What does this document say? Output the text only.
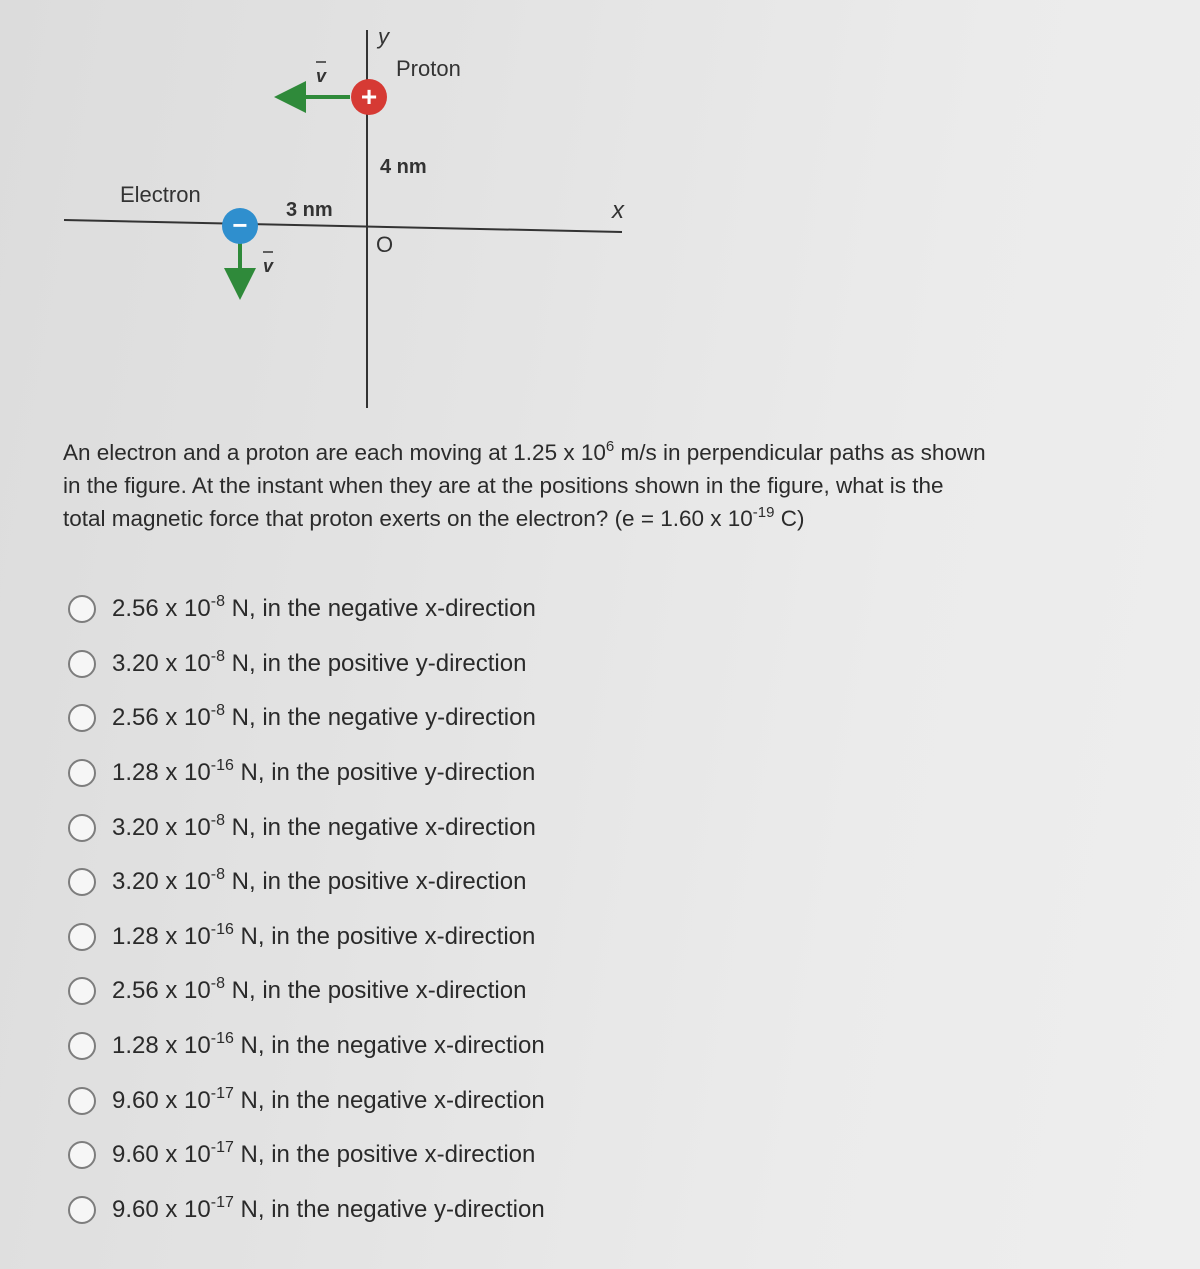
y
x
O
Proton
v
+
4 nm
Electron
3 nm
−
v

An electron and a proton are each moving at 1.25 x $10^6$ m/s in perpendicular paths as shown

in the figure. At the instant when they are at the positions shown in the figure, what is the

total magnetic force that proton exerts on the electron? (e = 1.60 x $10^{-19}$ C)

2.56 x $10^{-8}$ N, in the negative x-direction
3.20 x $10^{-8}$ N, in the positive y-direction
2.56 x $10^{-8}$ N, in the negative y-direction
1.28 x $10^{-16}$ N, in the positive y-direction
3.20 x $10^{-8}$ N, in the negative x-direction
3.20 x $10^{-8}$ N, in the positive x-direction
1.28 x $10^{-16}$ N, in the positive x-direction
2.56 x $10^{-8}$ N, in the positive x-direction
1.28 x $10^{-16}$ N, in the negative x-direction
9.60 x $10^{-17}$ N, in the negative x-direction
9.60 x $10^{-17}$ N, in the positive x-direction
9.60 x $10^{-17}$ N, in the negative y-direction
